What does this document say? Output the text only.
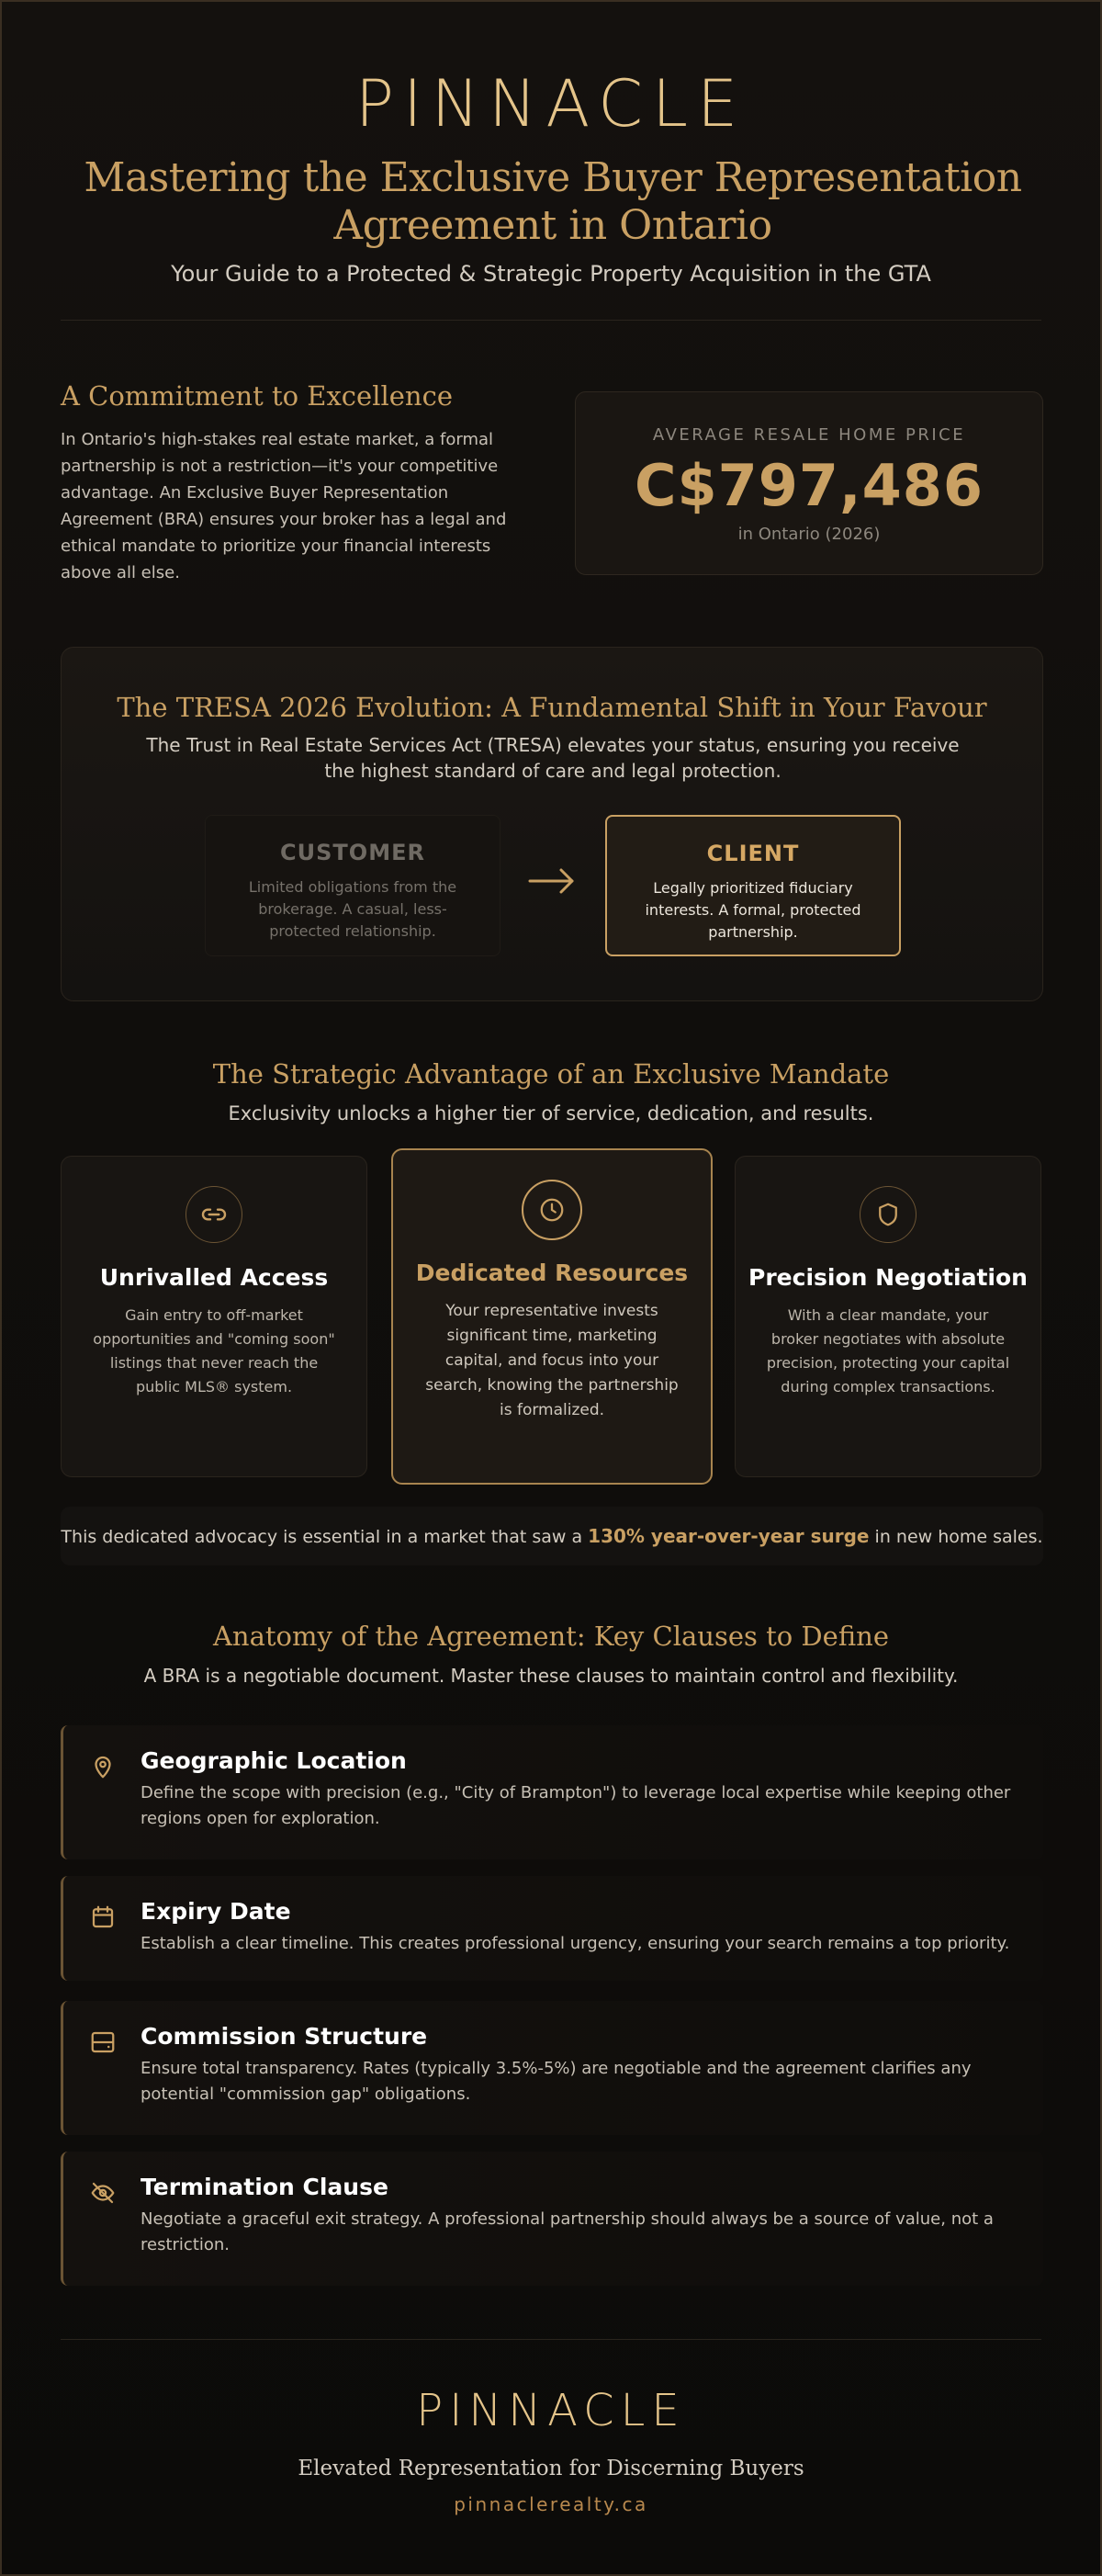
PINNACLE
Mastering the Exclusive Buyer Representation Agreement in Ontario
Your Guide to a Protected & Strategic Property Acquisition in the GTA
A Commitment to Excellence
In Ontario's high-stakes real estate market, a formal partnership is not a restriction—it's your competitive advantage. An Exclusive Buyer Representation Agreement (BRA) ensures your broker has a legal and ethical mandate to prioritize your financial interests above all else.
AVERAGE RESALE HOME PRICE
C$797,486
in Ontario (2026)
The TRESA 2026 Evolution: A Fundamental Shift in Your Favour
The Trust in Real Estate Services Act (TRESA) elevates your status, ensuring you receive the highest standard of care and legal protection.
CUSTOMER
Limited obligations from the brokerage. A casual, less-protected relationship.
CLIENT
Legally prioritized fiduciary interests. A formal, protected partnership.
The Strategic Advantage of an Exclusive Mandate
Exclusivity unlocks a higher tier of service, dedication, and results.
Unrivalled Access
Gain entry to off-market opportunities and "coming soon" listings that never reach the public MLS® system.
Dedicated Resources
Your representative invests significant time, marketing capital, and focus into your search, knowing the partnership is formalized.
Precision Negotiation
With a clear mandate, your broker negotiates with absolute precision, protecting your capital during complex transactions.
This dedicated advocacy is essential in a market that saw a 130% year-over-year surge in new home sales.
Anatomy of the Agreement: Key Clauses to Define
A BRA is a negotiable document. Master these clauses to maintain control and flexibility.
Geographic Location
Define the scope with precision (e.g., "City of Brampton") to leverage local expertise while keeping other regions open for exploration.
Expiry Date
Establish a clear timeline. This creates professional urgency, ensuring your search remains a top priority.
Commission Structure
Ensure total transparency. Rates (typically 3.5%-5%) are negotiable and the agreement clarifies any potential "commission gap" obligations.
Termination Clause
Negotiate a graceful exit strategy. A professional partnership should always be a source of value, not a restriction.
PINNACLE
Elevated Representation for Discerning Buyers
pinnaclerealty.ca
